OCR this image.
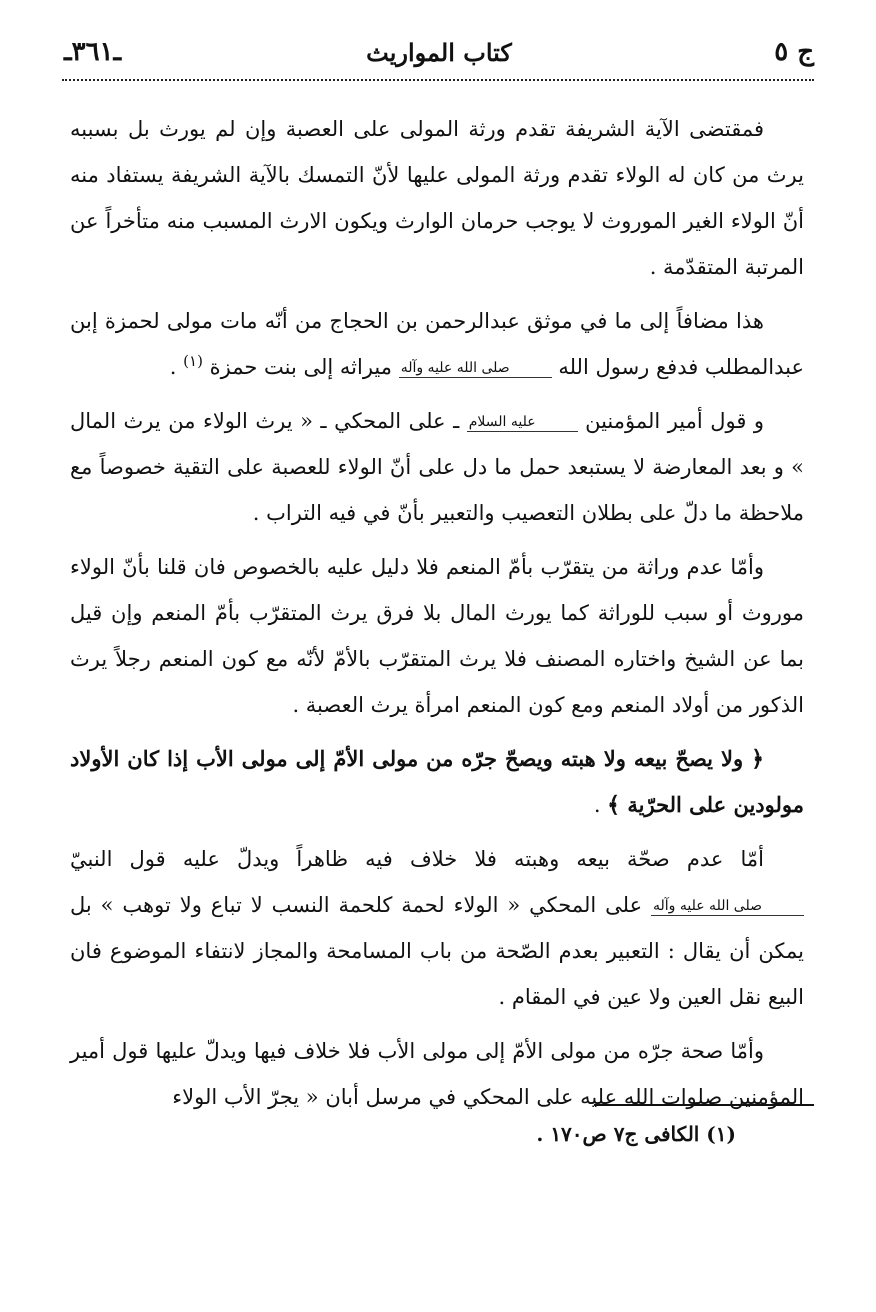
ج ٥
كتاب المواريث
ـ٣٦١ـ

فمقتضى الآية الشريفة تقدم ورثة المولى على العصبة وإن لم يورث بل بسببه يرث من كان له الولاء تقدم ورثة المولى عليها لأنّ التمسك بالآية الشريفة يستفاد منه أنّ الولاء الغير الموروث لا يوجب حرمان الوارث ويكون الارث المسبب منه متأخراً عن المرتبة المتقدّمة .

هذا مضافاً إلى ما في موثق عبدالرحمن بن الحجاج من أنّه مات مولى لحمزة إبن عبدالمطلب فدفع رسول الله صلى الله عليه وآله ميراثه إلى بنت حمزة $^{(١)}$ .

و قول أمير المؤمنين عليه السلام ـ على المحكي ـ « يرث الولاء من يرث المال » و بعد المعارضة لا يستبعد حمل ما دل على أنّ الولاء للعصبة على التقية خصوصاً مع ملاحظة ما دلّ على بطلان التعصيب والتعبير بأنّ في فيه التراب .

وأمّا عدم وراثة من يتقرّب بأمّ المنعم فلا دليل عليه بالخصوص فان قلنا بأنّ الولاء موروث أو سبب للوراثة كما يورث المال بلا فرق يرث المتقرّب بأمّ المنعم وإن قيل بما عن الشيخ واختاره المصنف فلا يرث المتقرّب بالأمّ لأنّه مع كون المنعم رجلاً يرث الذكور من أولاد المنعم ومع كون المنعم امرأة يرث العصبة .

﴿ ولا يصحّ بيعه ولا هبته ويصحّ جرّه من مولى الأمّ إلى مولى الأب إذا كان الأولاد مولودين على الحرّية ﴾ .

أمّا عدم صحّة بيعه وهبته فلا خلاف فيه ظاهراً ويدلّ عليه قول النبيّ صلى الله عليه وآله على المحكي « الولاء لحمة كلحمة النسب لا تباع ولا توهب » بل يمكن أن يقال : التعبير بعدم الصّحة من باب المسامحة والمجاز لانتفاء الموضوع فان البيع نقل العين ولا عين في المقام .

وأمّا صحة جرّه من مولى الأمّ إلى مولى الأب فلا خلاف فيها ويدلّ عليها قول أمير المؤمنين صلوات الله عليه على المحكي في مرسل أبان « يجرّ الأب الولاء

(١) الكافى ج٧ ص١٧٠ .
